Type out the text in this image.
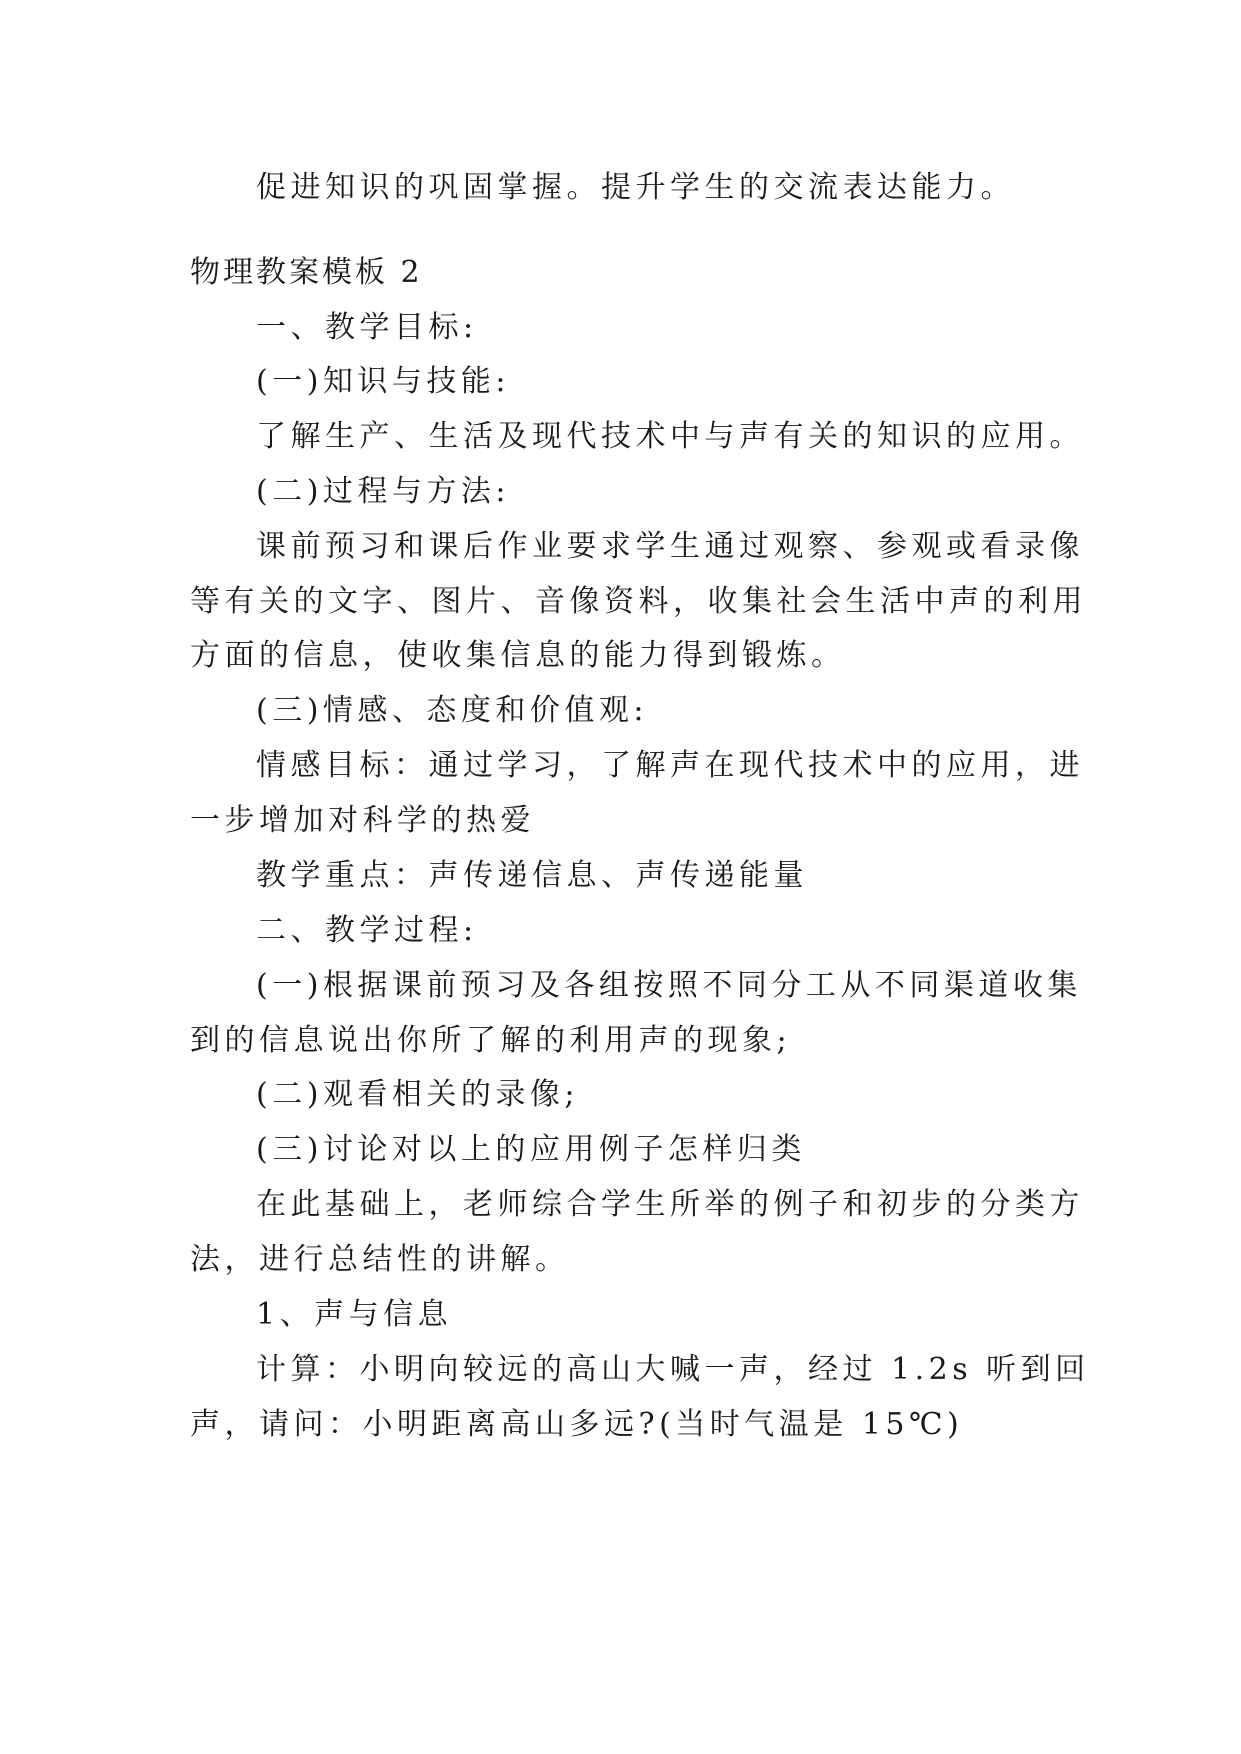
促进知识的巩固掌握。提升学生的交流表达能力。
物理教案模板 2
一、教学目标:
(一)知识与技能:
了解生产、生活及现代技术中与声有关的知识的应用。
(二)过程与方法:
课前预习和课后作业要求学生通过观察、参观或看录像
等有关的文字、图片、音像资料，收集社会生活中声的利用
方面的信息，使收集信息的能力得到锻炼。
(三)情感、态度和价值观:
情感目标：通过学习，了解声在现代技术中的应用，进
一步增加对科学的热爱
教学重点：声传递信息、声传递能量
二、教学过程:
(一)根据课前预习及各组按照不同分工从不同渠道收集
到的信息说出你所了解的利用声的现象;
(二)观看相关的录像;
(三)讨论对以上的应用例子怎样归类
在此基础上，老师综合学生所举的例子和初步的分类方
法，进行总结性的讲解。
1、声与信息
计算：小明向较远的高山大喊一声，经过 1.2s 听到回
声，请问：小明距离高山多远?(当时气温是 15℃)
